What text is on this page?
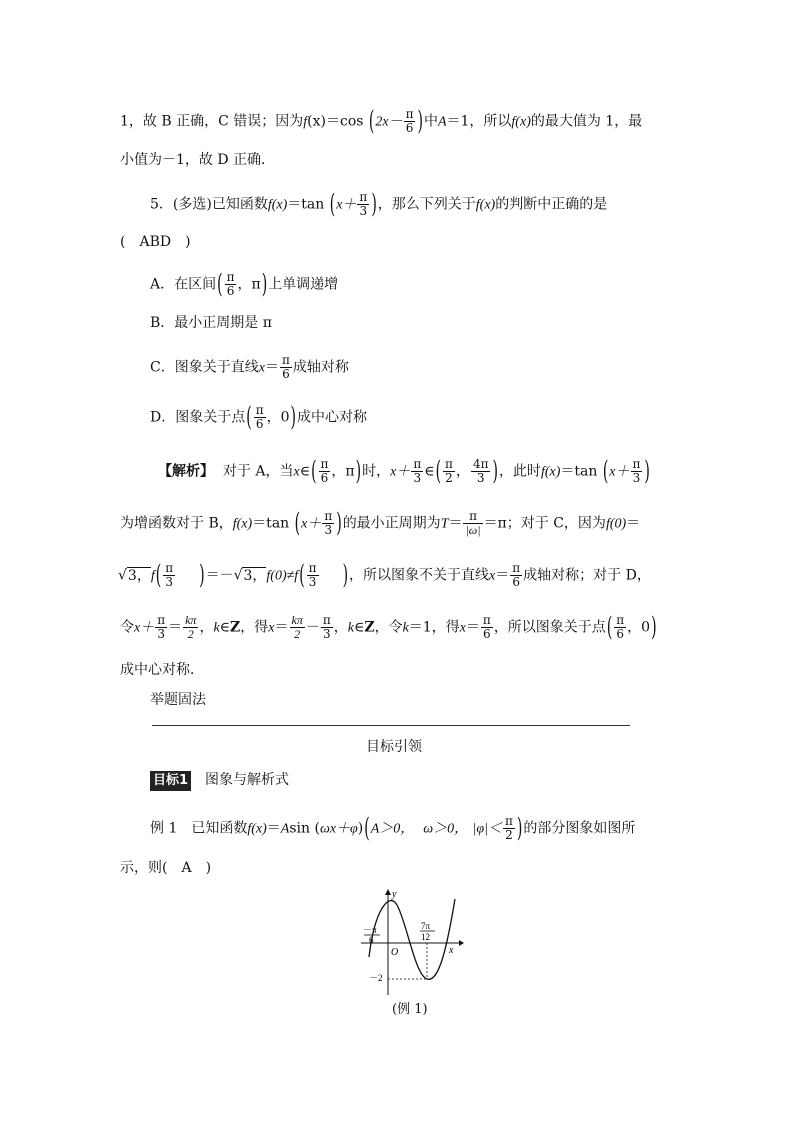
1，故 B 正确，C 错误；因为f(x)＝cos ($2x- \frac{\pi}{6}$ )中A＝1，所以f(x)的最大值为 1，最
小值为－1，故 D 正确．
5．(多选)已知函数f(x)＝tan ($x+ \frac{\pi}{3}$ )，那么下列关于f(x)的判断中正确的是
(　ABD　)
A．在区间( $\frac{\pi}{6}$ ，π)上单调递增
B．最小正周期是 π
C．图象关于直线$x= \frac{\pi}{6}$ 成轴对称
D．图象关于点( $\frac{\pi}{6}$ ，0)成中心对称
【解析】 对于 A，当x∈( $\frac{\pi}{6}$ ，π)时，$x+ \frac{\pi}{3}$ ∈( $\frac{\pi}{2}$ ， $\frac{4\pi}{3}$ )，此时f(x)＝tan ($x+ \frac{\pi}{3}$ )
为增函数对于 B，f(x)＝tan ($x+ \frac{\pi}{3}$ )的最小正周期为$T= \frac{\pi}{|\omega|} =\pi$；对于 C，因为f(0)＝
√3，$f( \frac{\pi}{3} )=-√3$，$f(0)\ne f( \frac{\pi}{3}$ )，所以图象不关于直线$x= \frac{\pi}{6}$ 成轴对称；对于 D，
令$x+ \frac{\pi}{3} = \frac{k\pi}{2}$ ，k∈Z，得$x= \frac{k\pi}{2} - \frac{\pi}{3}$ ，k∈Z，令k＝1，得$x= \frac{\pi}{6}$ ，所以图象关于点( $\frac{\pi}{6}$ ，0)
成中心对称．
举题固法
目标引领
目标1 图象与解析式
例 1　已知函数f(x)＝Asin (ωx＋φ)(A＞0， ω＞0， $|\varphi|< \frac{\pi}{2}$ )的部分图象如图所
示，则(　A　)
y
x
O
－π
6
7π
12
－2
(例 1)
